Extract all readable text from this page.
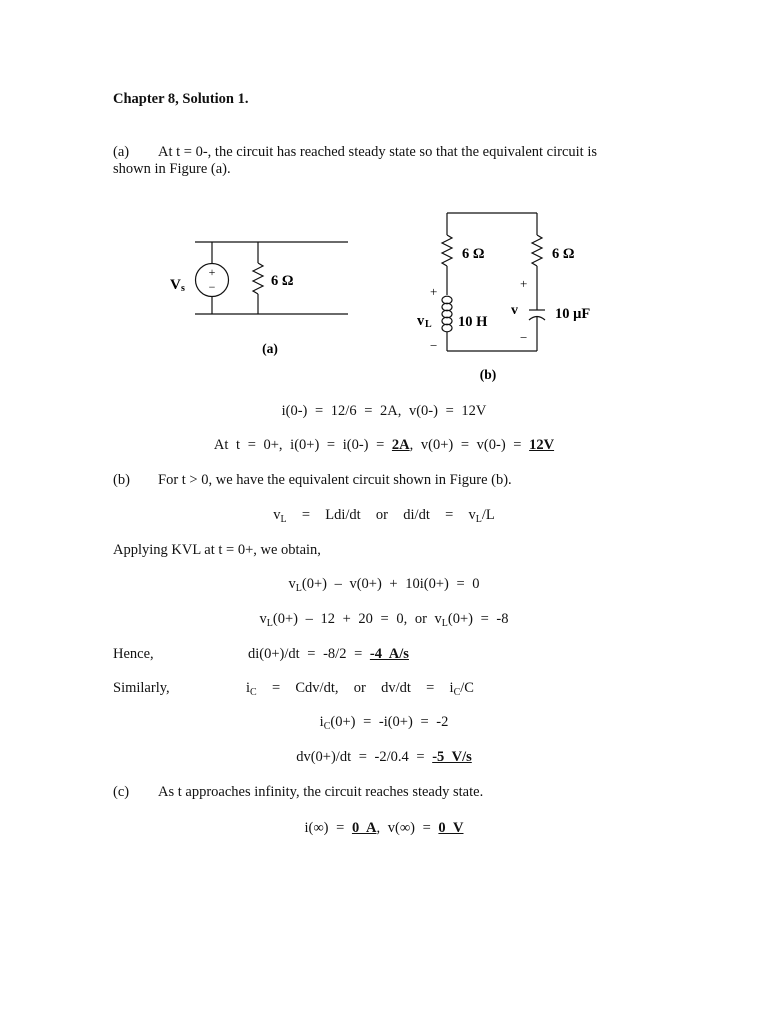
Chapter 8, Solution 1.
(a) At t = 0-, the circuit has reached steady state so that the equivalent circuit is
shown in Figure (a).
+
−
V s	6 Ω
(a)
6 Ω	6 Ω
+
−
v L 10 H
+
−
v	10 μF
(b)
i(0-) = 12/6 = 2A, v(0-) = 12V
At t = 0+, i(0+) = i(0-) = 2A, v(0+) = v(0-) = 12V
(b) For t > 0, we have the equivalent circuit shown in Figure (b).
$v_L = Ldi/dt$  or  $di/dt = v_L/L$
Applying KVL at t = 0+, we obtain,
$v_L(0+) - v(0+) + 10i(0+) = 0$
$v_L(0+) - 12 + 20 = 0$, or $v_L(0+) = -8$
Hence,	di(0+)/dt = -8/2 = -4 A/s
Similarly,	$i_C = Cdv/dt$,  or  $dv/dt = i_C/C$
$i_C(0+) = -i(0+) = -2$
dv(0+)/dt = -2/0.4 = -5 V/s
(c) As t approaches infinity, the circuit reaches steady state.
i(∞) = 0 A, v(∞) = 0 V
